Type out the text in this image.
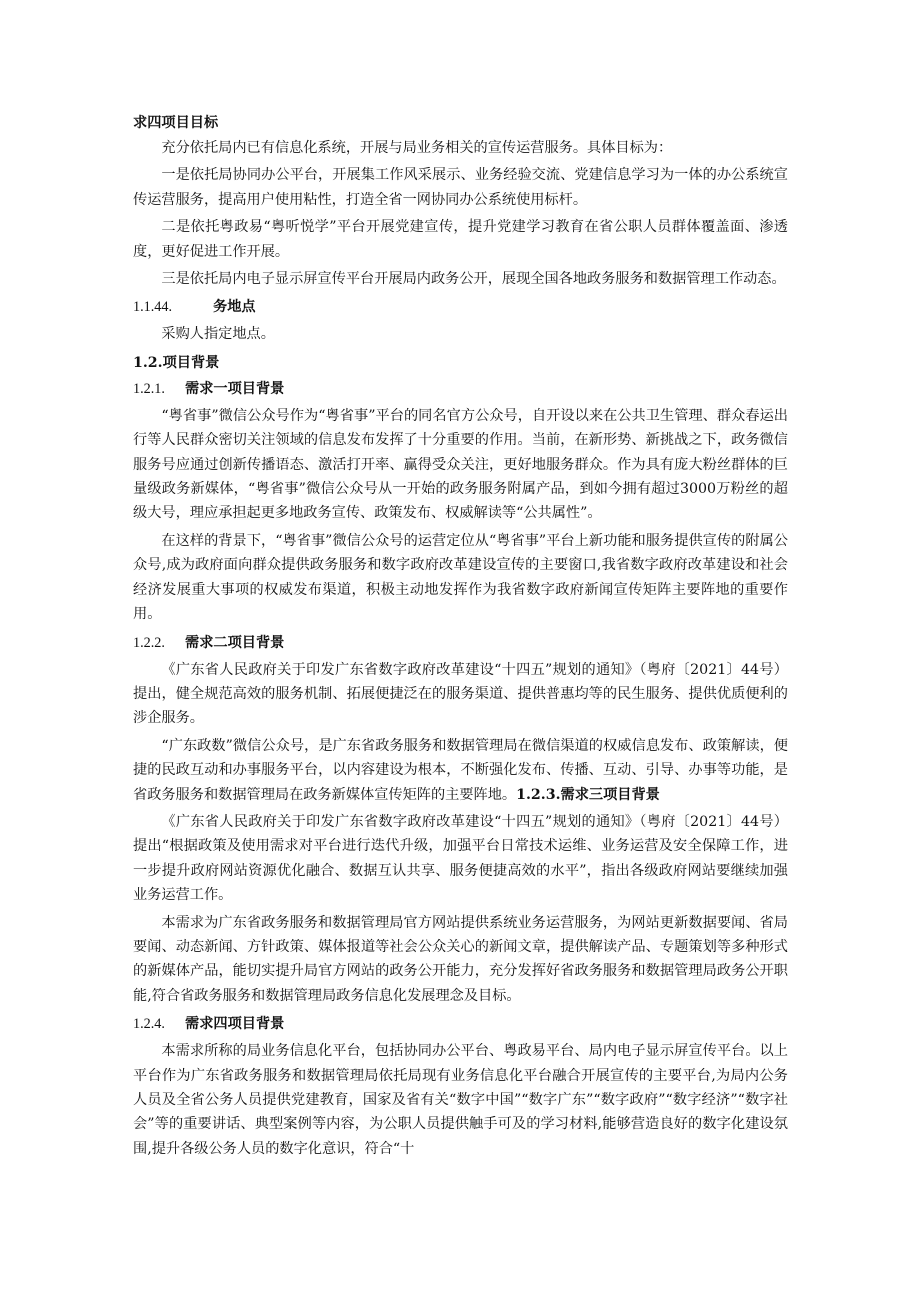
求四项目目标
充分依托局内已有信息化系统，开展与局业务相关的宣传运营服务。具体目标为：
一是依托局协同办公平台，开展集工作风采展示、业务经验交流、党建信息学习为一体的办公系统宣传运营服务，提高用户使用粘性，打造全省一网协同办公系统使用标杆。
二是依托粤政易“粤听悦学”平台开展党建宣传，提升党建学习教育在省公职人员群体覆盖面、渗透度，更好促进工作开展。
三是依托局内电子显示屏宣传平台开展局内政务公开，展现全国各地政务服务和数据管理工作动态。
1.1.44.	务地点
采购人指定地点。
1.2.项目背景
1.2.1. 需求一项目背景
“粤省事”微信公众号作为“粤省事”平台的同名官方公众号，自开设以来在公共卫生管理、群众春运出行等人民群众密切关注领域的信息发布发挥了十分重要的作用。当前，在新形势、新挑战之下，政务微信服务号应通过创新传播语态、激活打开率、赢得受众关注，更好地服务群众。作为具有庞大粉丝群体的巨量级政务新媒体，“粤省事”微信公众号从一开始的政务服务附属产品，到如今拥有超过3000万粉丝的超级大号，理应承担起更多地政务宣传、政策发布、权威解读等“公共属性”。
在这样的背景下，“粤省事”微信公众号的运营定位从“粤省事”平台上新功能和服务提供宣传的附属公众号,成为政府面向群众提供政务服务和数字政府改革建设宣传的主要窗口,我省数字政府改革建设和社会经济发展重大事项的权威发布渠道，积极主动地发挥作为我省数字政府新闻宣传矩阵主要阵地的重要作用。
1.2.2. 需求二项目背景
《广东省人民政府关于印发广东省数字政府改革建设“十四五”规划的通知》（粤府〔2021〕44号）提出，健全规范高效的服务机制、拓展便捷泛在的服务渠道、提供普惠均等的民生服务、提供优质便利的涉企服务。
“广东政数”微信公众号，是广东省政务服务和数据管理局在微信渠道的权威信息发布、政策解读，便捷的民政互动和办事服务平台，以内容建设为根本，不断强化发布、传播、互动、引导、办事等功能，是省政务服务和数据管理局在政务新媒体宣传矩阵的主要阵地。1.2.3.需求三项目背景
《广东省人民政府关于印发广东省数字政府改革建设“十四五”规划的通知》（粤府〔2021〕44号）提出“根据政策及使用需求对平台进行迭代升级，加强平台日常技术运维、业务运营及安全保障工作，进一步提升政府网站资源优化融合、数据互认共享、服务便捷高效的水平”，指出各级政府网站要继续加强业务运营工作。
本需求为广东省政务服务和数据管理局官方网站提供系统业务运营服务，为网站更新数据要闻、省局要闻、动态新闻、方针政策、媒体报道等社会公众关心的新闻文章，提供解读产品、专题策划等多种形式的新媒体产品，能切实提升局官方网站的政务公开能力，充分发挥好省政务服务和数据管理局政务公开职能,符合省政务服务和数据管理局政务信息化发展理念及目标。
1.2.4. 需求四项目背景
本需求所称的局业务信息化平台，包括协同办公平台、粤政易平台、局内电子显示屏宣传平台。以上平台作为广东省政务服务和数据管理局依托局现有业务信息化平台融合开展宣传的主要平台,为局内公务人员及全省公务人员提供党建教育，国家及省有关“数字中国”“数字广东”“数字政府”“数字经济”“数字社会”等的重要讲话、典型案例等内容，为公职人员提供触手可及的学习材料,能够营造良好的数字化建设氛围,提升各级公务人员的数字化意识，符合“十
